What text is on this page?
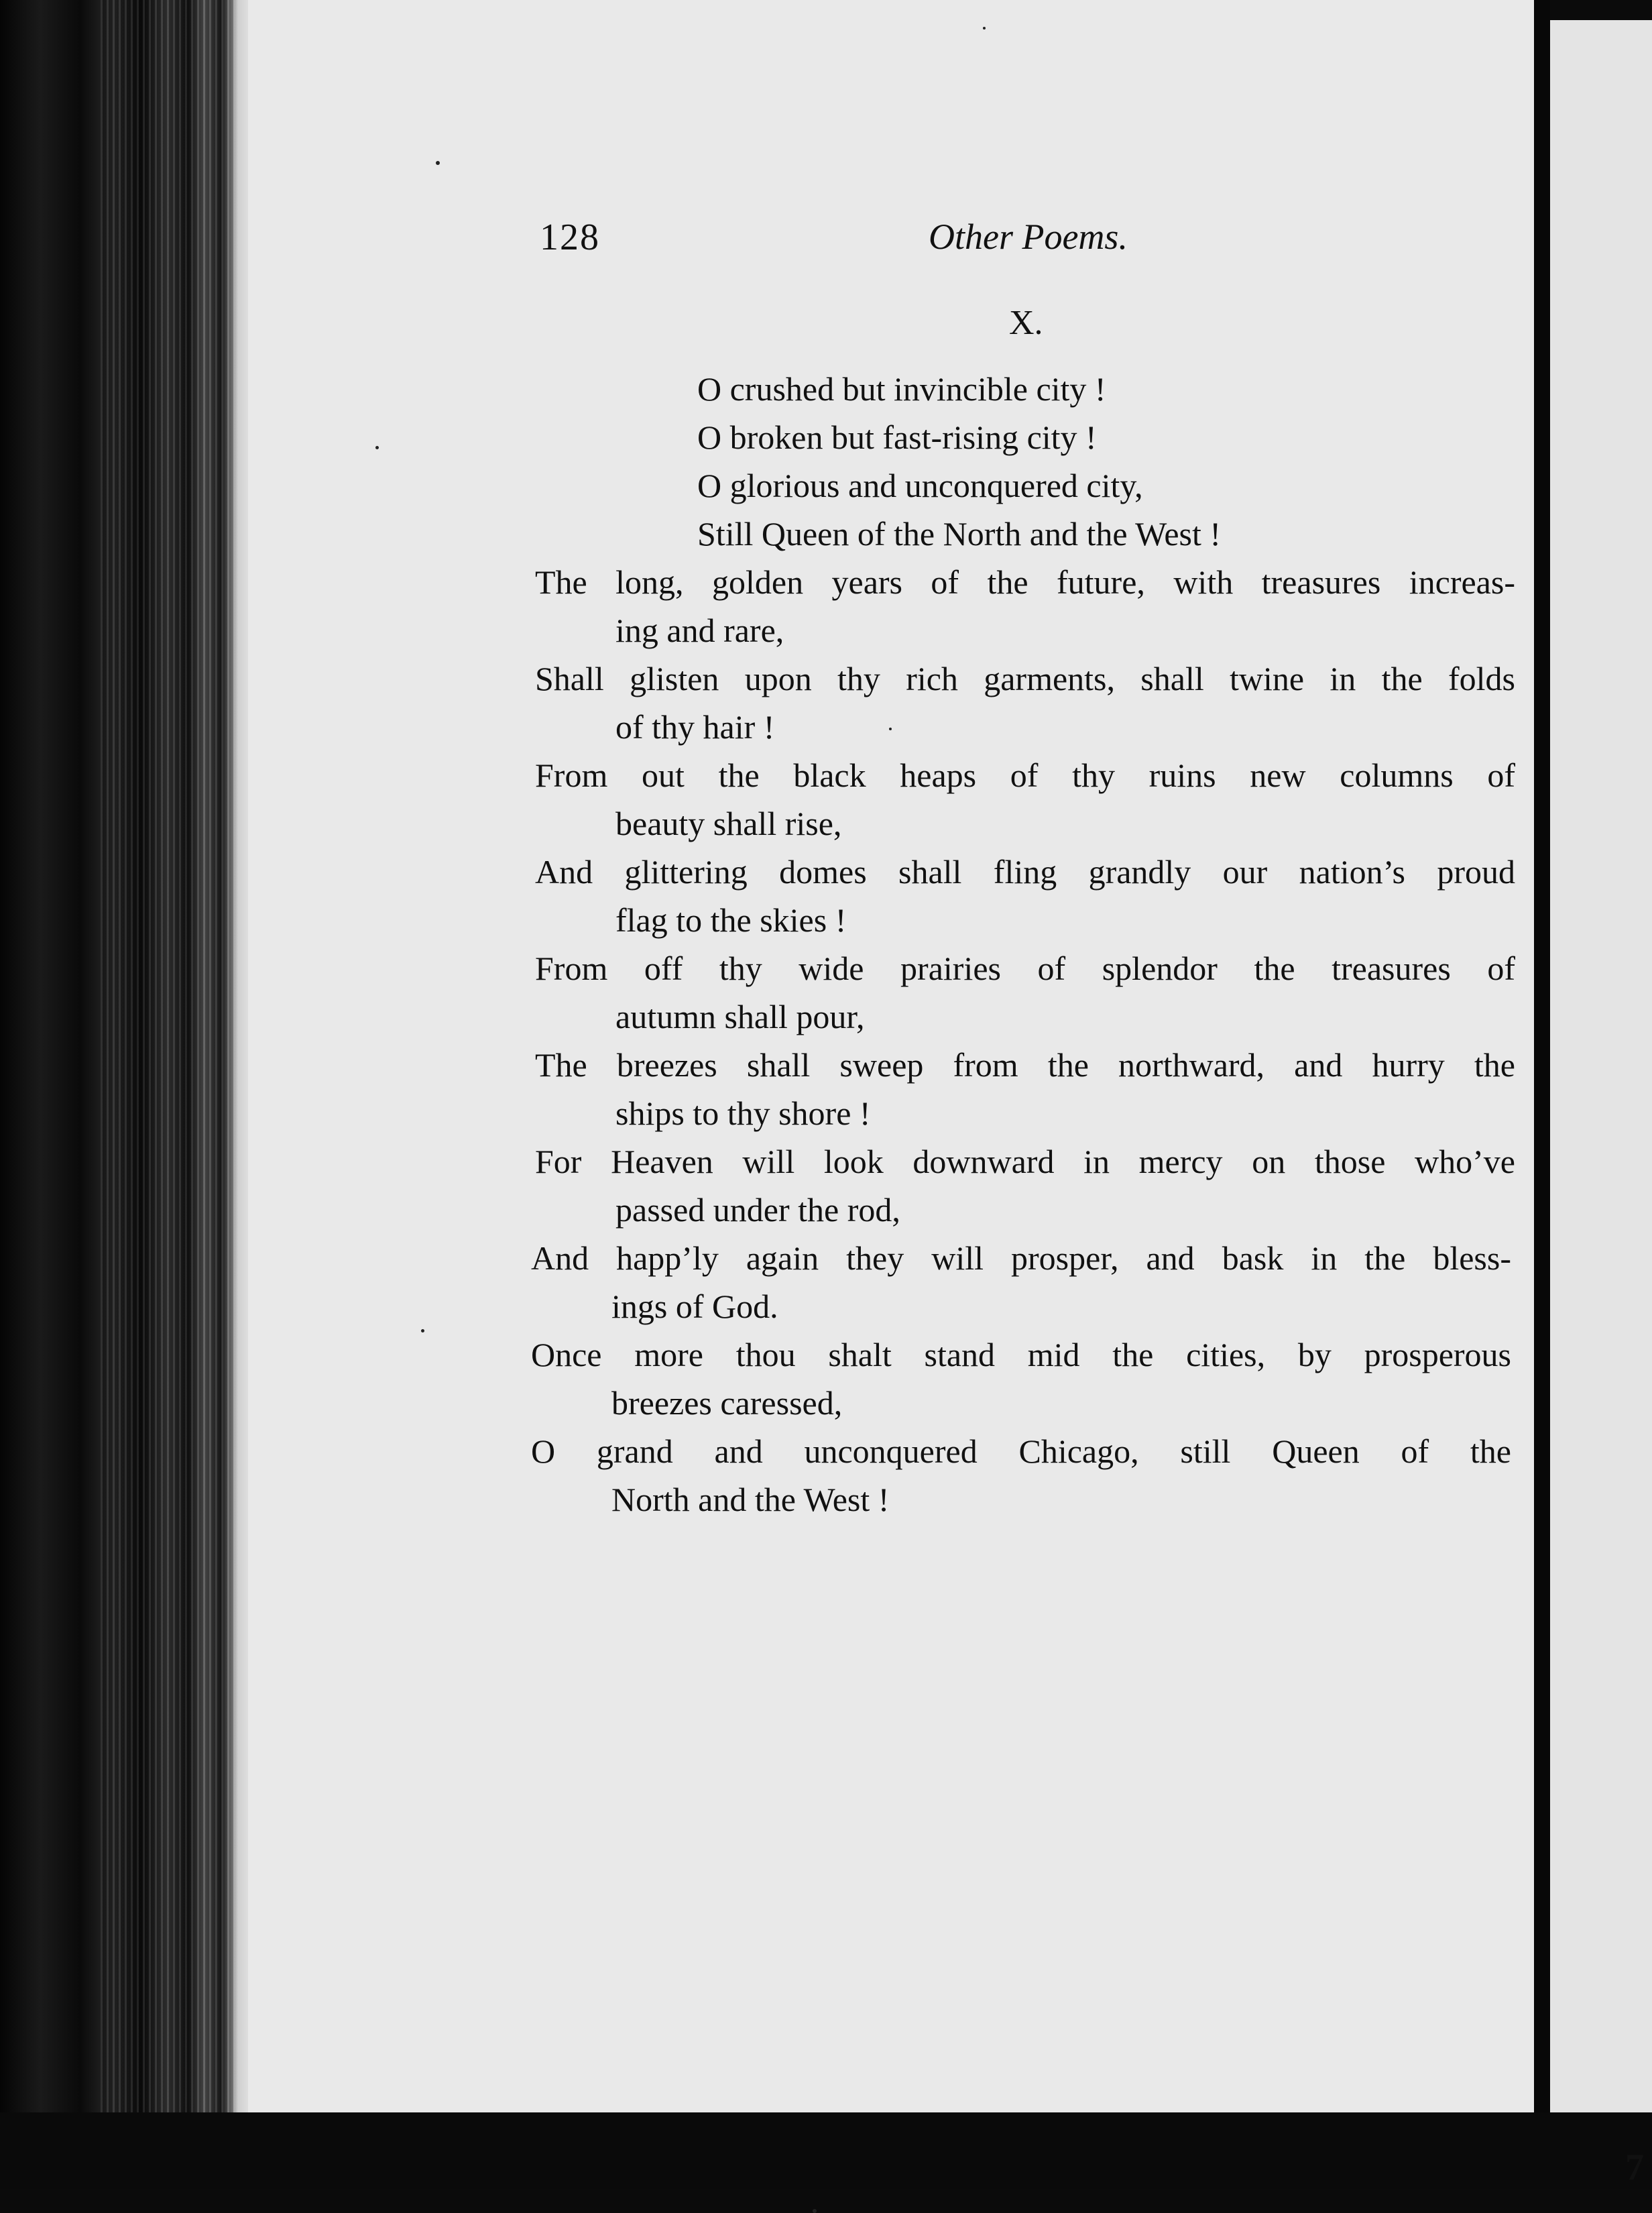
7
128	Other Poems.
X.
O crushed but invincible city !
O broken but fast-rising city !
O glorious and unconquered city,
Still Queen of the North and the West !
The long, golden years of the future, with treasures increas-
ing and rare,
Shall glisten upon thy rich garments, shall twine in the folds
of thy hair !
From out the black heaps of thy ruins new columns of
beauty shall rise,
And glittering domes shall fling grandly our nation’s proud
flag to the skies !
From off thy wide prairies of splendor the treasures of
autumn shall pour,
The breezes shall sweep from the northward, and hurry the
ships to thy shore !
For Heaven will look downward in mercy on those who’ve
passed under the rod,
And happ’ly again they will prosper, and bask in the bless-
ings of God.
Once more thou shalt stand mid the cities, by prosperous
breezes caressed,
O grand and unconquered Chicago, still Queen of the
North and the West !
